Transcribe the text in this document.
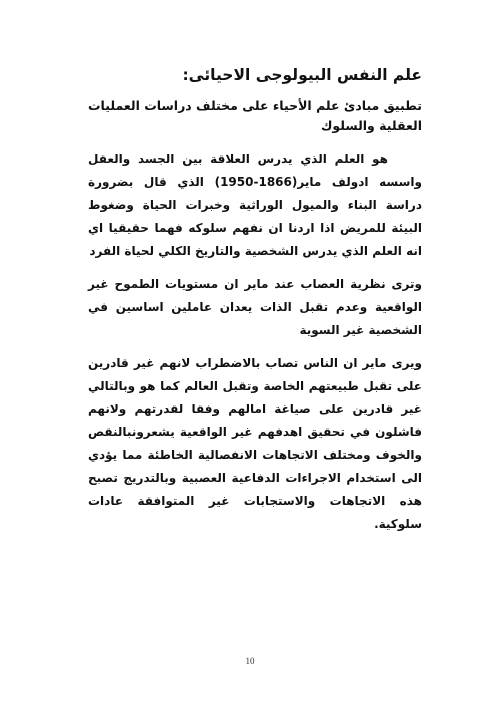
علم النفس البيولوجى الاحيائى:
تطبيق مبادئ علم الأحياء على مختلف دراسات العمليات العقلية والسلوك
هو العلم الذي يدرس العلاقة بين الجسد والعقل واسسه ادولف ماير(1866-1950) الذي قال بضرورة دراسة البناء والميول الوراثية وخبرات الحياة وضغوط البيئة للمريض اذا اردنا ان نفهم سلوكه فهما حقيقيا اي انه العلم الذي يدرس الشخصية والتاريخ الكلي لحياة الفرد
وترى نظرية العصاب عند ماير ان مستويات الطموح غير الواقعية وعدم تقبل الذات يعدان عاملين اساسين في الشخصية غير السوية
ويرى ماير ان الناس تصاب بالاضطراب لانهم غير قادرين على تقبل طبيعتهم الخاصة وتقبل العالم كما هو وبالتالي غير قادرين على صياغة امالهم وفقا لقدرتهم ولانهم فاشلون في تحقيق اهدفهم غير الواقعية يشعرونبالنقص والخوف ومختلف الاتجاهات الانفصالية الخاطئة مما يؤدي الى استخدام الاجراءات الدفاعية العصبية وبالتدريج تصبح هذه الاتجاهات والاستجابات غير المتوافقة عادات سلوكية.
10
